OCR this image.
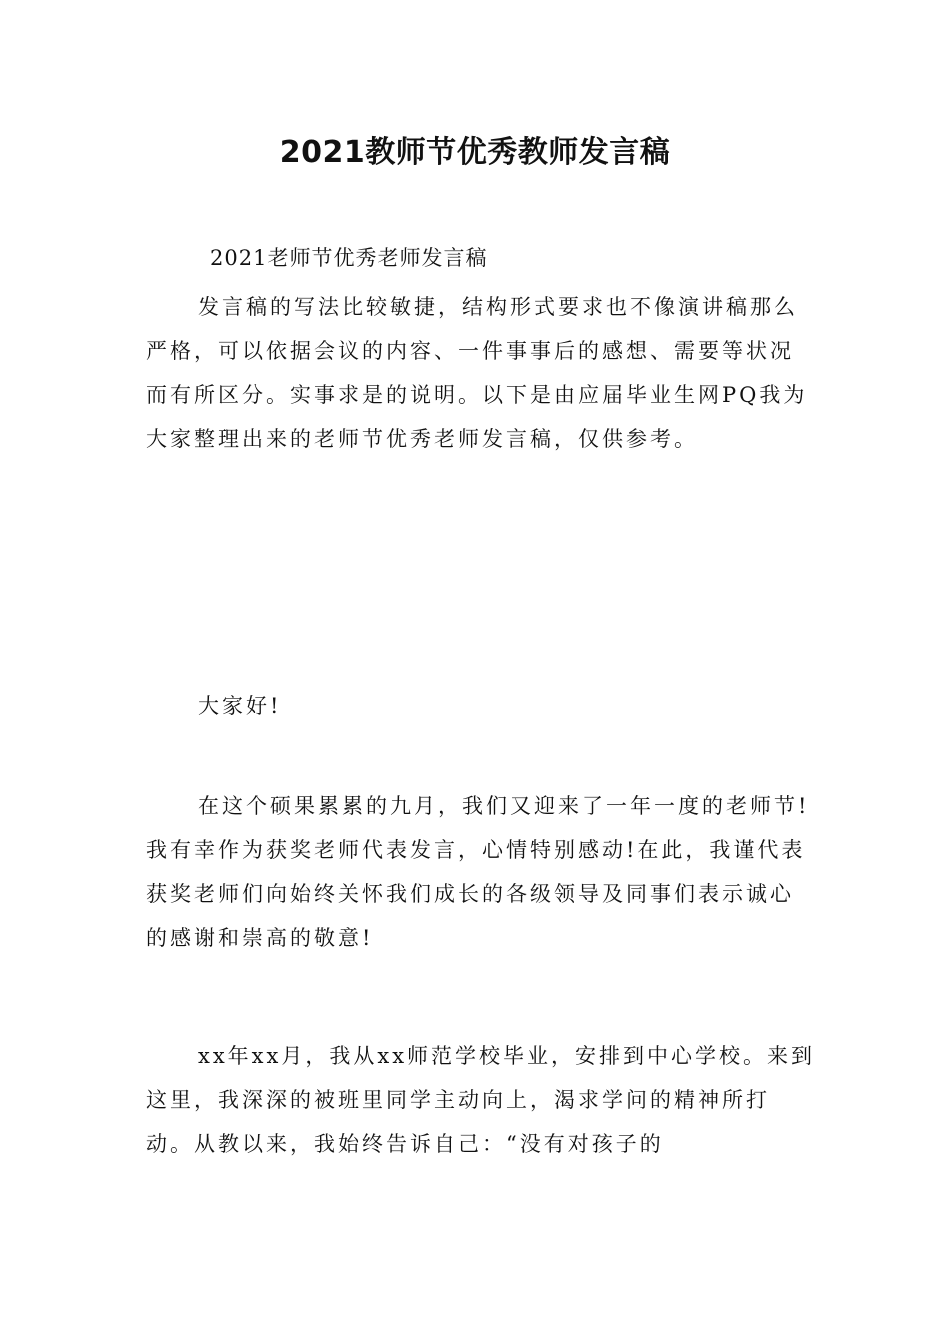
2021教师节优秀教师发言稿
2021老师节优秀老师发言稿
发言稿的写法比较敏捷，结构形式要求也不像演讲稿那么严格，可以依据会议的内容、一件事事后的感想、需要等状况而有所区分。实事求是的说明。以下是由应届毕业生网PQ我为大家整理出来的老师节优秀老师发言稿，仅供参考。
大家好!
在这个硕果累累的九月，我们又迎来了一年一度的老师节!我有幸作为获奖老师代表发言，心情特别感动!在此，我谨代表获奖老师们向始终关怀我们成长的各级领导及同事们表示诚心的感谢和崇高的敬意!
xx年xx月，我从xx师范学校毕业，安排到中心学校。来到这里，我深深的被班里同学主动向上，渴求学问的精神所打动。从教以来，我始终告诉自己：“没有对孩子的
